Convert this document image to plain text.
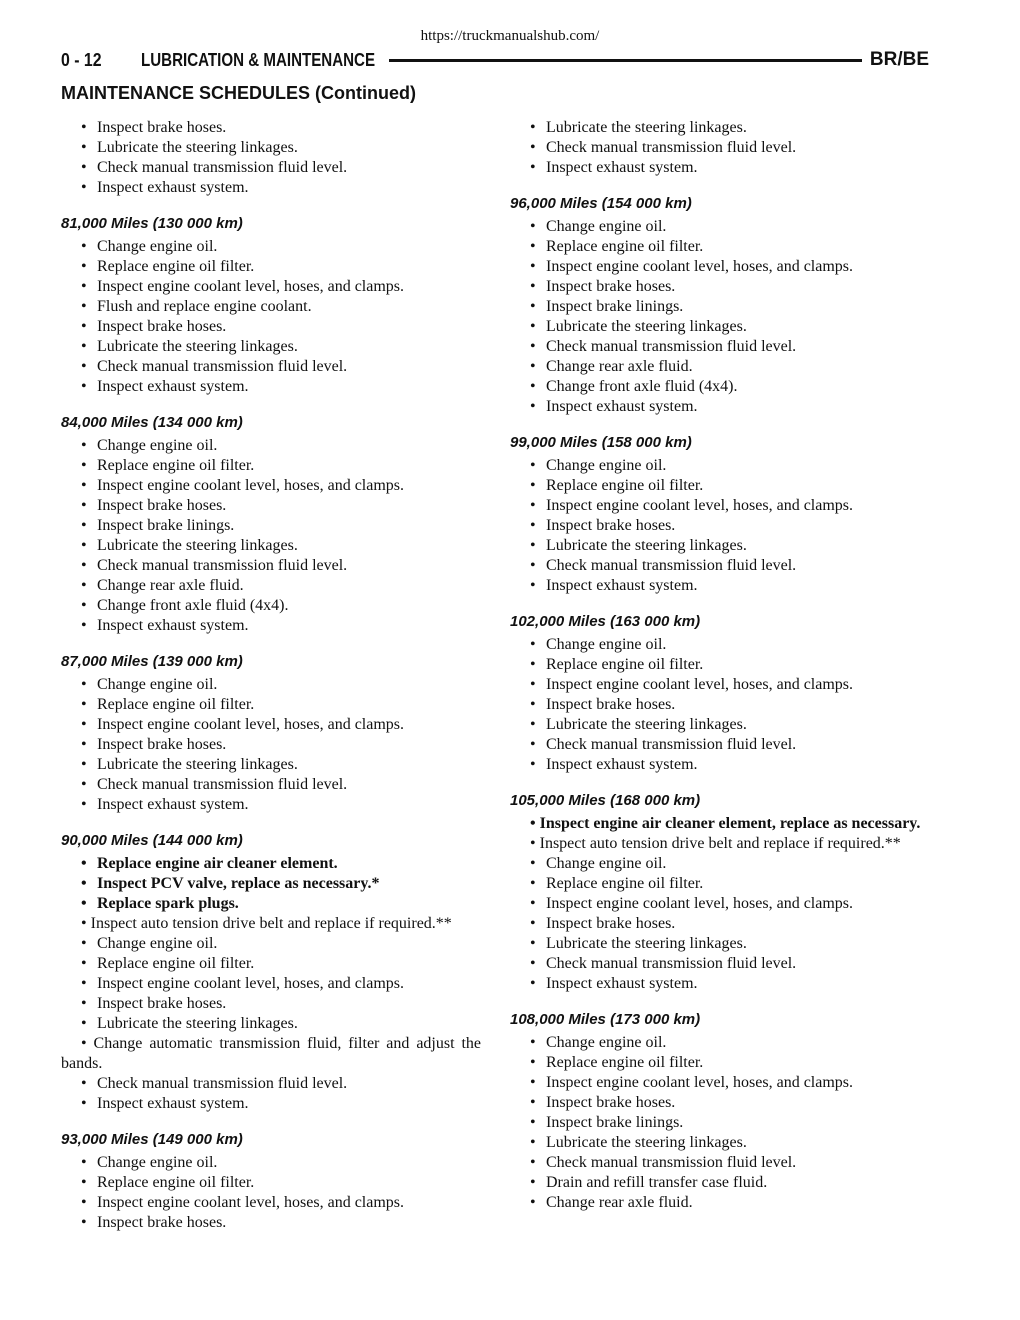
https://truckmanualshub.com/
0 - 12	LUBRICATION & MAINTENANCE	BR/BE
MAINTENANCE SCHEDULES (Continued)
• Inspect brake hoses.
• Lubricate the steering linkages.
• Check manual transmission fluid level.
• Inspect exhaust system.
81,000 Miles (130 000 km)
• Change engine oil.
• Replace engine oil filter.
• Inspect engine coolant level, hoses, and clamps.
• Flush and replace engine coolant.
• Inspect brake hoses.
• Lubricate the steering linkages.
• Check manual transmission fluid level.
• Inspect exhaust system.
84,000 Miles (134 000 km)
• Change engine oil.
• Replace engine oil filter.
• Inspect engine coolant level, hoses, and clamps.
• Inspect brake hoses.
• Inspect brake linings.
• Lubricate the steering linkages.
• Check manual transmission fluid level.
• Change rear axle fluid.
• Change front axle fluid (4x4).
• Inspect exhaust system.
87,000 Miles (139 000 km)
• Change engine oil.
• Replace engine oil filter.
• Inspect engine coolant level, hoses, and clamps.
• Inspect brake hoses.
• Lubricate the steering linkages.
• Check manual transmission fluid level.
• Inspect exhaust system.
90,000 Miles (144 000 km)
• Replace engine air cleaner element.
• Inspect PCV valve, replace as necessary.*
• Replace spark plugs.
• Inspect auto tension drive belt and replace if required.**
• Change engine oil.
• Replace engine oil filter.
• Inspect engine coolant level, hoses, and clamps.
• Inspect brake hoses.
• Lubricate the steering linkages.
• Change automatic transmission fluid, filter and adjust the bands.
• Check manual transmission fluid level.
• Inspect exhaust system.
93,000 Miles (149 000 km)
• Change engine oil.
• Replace engine oil filter.
• Inspect engine coolant level, hoses, and clamps.
• Inspect brake hoses.
• Lubricate the steering linkages.
• Check manual transmission fluid level.
• Inspect exhaust system.
96,000 Miles (154 000 km)
• Change engine oil.
• Replace engine oil filter.
• Inspect engine coolant level, hoses, and clamps.
• Inspect brake hoses.
• Inspect brake linings.
• Lubricate the steering linkages.
• Check manual transmission fluid level.
• Change rear axle fluid.
• Change front axle fluid (4x4).
• Inspect exhaust system.
99,000 Miles (158 000 km)
• Change engine oil.
• Replace engine oil filter.
• Inspect engine coolant level, hoses, and clamps.
• Inspect brake hoses.
• Lubricate the steering linkages.
• Check manual transmission fluid level.
• Inspect exhaust system.
102,000 Miles (163 000 km)
• Change engine oil.
• Replace engine oil filter.
• Inspect engine coolant level, hoses, and clamps.
• Inspect brake hoses.
• Lubricate the steering linkages.
• Check manual transmission fluid level.
• Inspect exhaust system.
105,000 Miles (168 000 km)
• Inspect engine air cleaner element, replace as necessary.
• Inspect auto tension drive belt and replace if required.**
• Change engine oil.
• Replace engine oil filter.
• Inspect engine coolant level, hoses, and clamps.
• Inspect brake hoses.
• Lubricate the steering linkages.
• Check manual transmission fluid level.
• Inspect exhaust system.
108,000 Miles (173 000 km)
• Change engine oil.
• Replace engine oil filter.
• Inspect engine coolant level, hoses, and clamps.
• Inspect brake hoses.
• Inspect brake linings.
• Lubricate the steering linkages.
• Check manual transmission fluid level.
• Drain and refill transfer case fluid.
• Change rear axle fluid.
